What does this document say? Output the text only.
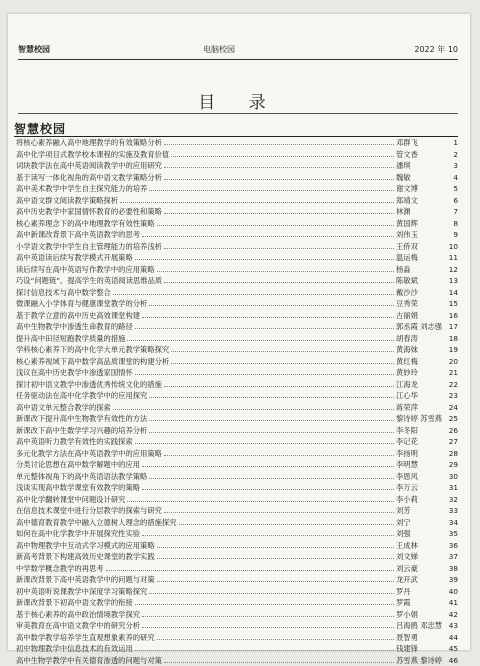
智慧校园	电脑校园	2022 年 10
目 录
智慧校园
将核心素养融入高中地理教学的有效策略分析	邓群飞	1
高中化学项目式教学校本课程的实施及教育价值	管文香	2
词块教学法在高中英语阅读教学中的应用研究	潘琪	3
基于读写一体化视角的高中语文教学策略分析	魏敏	4
高中美术教学中学生自主探究能力的培养	谢文博	5
高中语文群文阅读教学策略探析	郑靖文	6
高中历史教学中家国情怀教育的必要性和策略	林渊	7
核心素养理念下的高中地理教学有效性策略	黄国辉	8
高中新课改背景下高中英语教学的思考	刘伟玉	9
小学语文教学中学生自主管理能力的培养浅析	王侨双	10
高中英语读后续写教学模式开展策略	温运梅	11
读后续写在高中英语写作教学中的应用策略	杨淼	12
巧设“问题链”，提高学生的英语阅读思维品质	陈敏斌	13
探讨信息技术与高中数学整合	戴沙沙	14
微课融入小学体育与健康课堂教学的分析	豆秀荣	15
基于教学立意的高中历史高效课堂构建	古丽娟	16
高中生物教学中渗透生命教育的路径	郭丞霞 刘志强 17
提升高中田径短跑教学质量的措施	胡春涛	18
学科核心素养下的高中化学大单元教学策略探究	黄海妹	19
核心素养视域下高中数学高品质课堂的构建分析	黄红梅	20
浅议在高中历史教学中渗透家国情怀	黄妙玲	21
探讨初中语文教学中渗透优秀传统文化的措施	江海龙	22
任务驱动法在高中化学教学中的应用探究	江心华	23
高中语文单元整合教学的探索	蒋荣萍	24
新课改下提升高中生物教学有效性的方法	黎诗婷 苏雪燕 25
新课改下高中生数学学习兴趣的培养分析	李冬阳	26
高中英语听力教学有效性的实践探索	李记花	27
多元化教学方法在高中英语教学中的应用策略	李扬明	28
分类讨论思想在高中数学解题中的应用	李明慧	29
单元整体视角下的高中英语语法教学策略	李恩风	30
浅谈实现高中数学课堂有效教学的策略	李万云	31
高中化学翻转课堂中问题设计研究	李小莉	32
在信息技术课堂中进行分层教学的探索与研究	刘芳	33
高中德育教育教学中融入立德树人理念的措施探究	刘宁	34
如何在高中化学教学中开展探究性实验	刘强	35
高中物理教学中互动式学习模式的应用策略	王成林	36
新高考背景下构建高效历史课堂的教学实践	刘文娣	37
中学数学概念教学的再思考	刘云豪	38
新课改背景下高中英语教学中的问题与对策	龙开武	39
初中英语听说课教学中深度学习策略探究	罗丹	40
新课改背景下初高中语文教学的衔接	罗霞	41
基于核心素养的高中政治情境教学探究	罗小娟	42
审美教育在高中语文教学中的研究分析	吕海鸥 邓忠慧 43
高中数学教学培养学生直观想象素养的研究	聂智勇	44
初中物理教学中信息技术的有效运用	钱建锋	45
高中生物学教学中有关德育渗透的问题与对策	苏雪燕 黎诗婷 46
